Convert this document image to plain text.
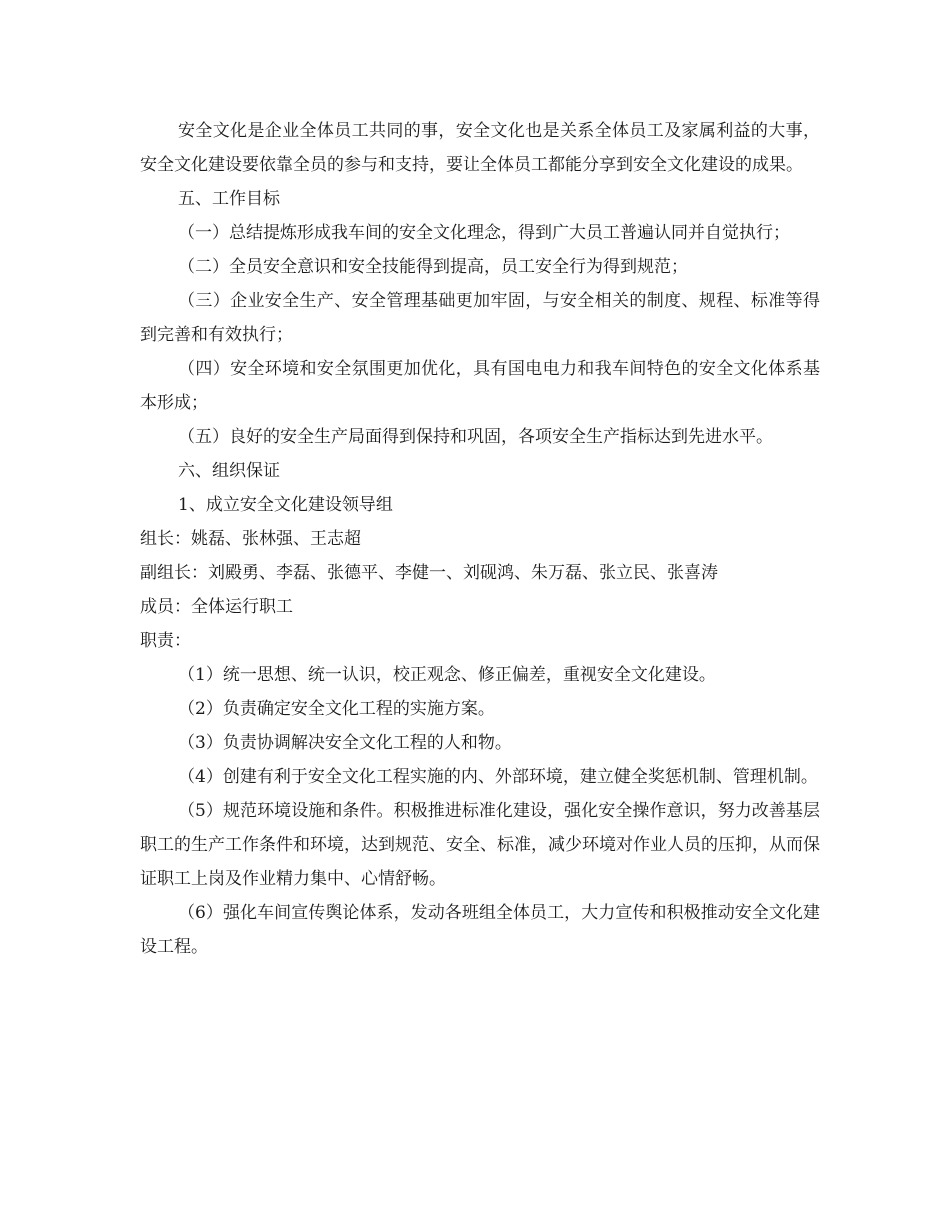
安全文化是企业全体员工共同的事，安全文化也是关系全体员工及家属利益的大事，安全文化建设要依靠全员的参与和支持，要让全体员工都能分享到安全文化建设的成果。

五、工作目标

（一）总结提炼形成我车间的安全文化理念，得到广大员工普遍认同并自觉执行；

（二）全员安全意识和安全技能得到提高，员工安全行为得到规范；

（三）企业安全生产、安全管理基础更加牢固，与安全相关的制度、规程、标准等得到完善和有效执行；

（四）安全环境和安全氛围更加优化，具有国电电力和我车间特色的安全文化体系基本形成；

（五）良好的安全生产局面得到保持和巩固，各项安全生产指标达到先进水平。

六、组织保证

1、成立安全文化建设领导组

组长：姚磊、张林强、王志超

副组长：刘殿勇、李磊、张德平、李健一、刘砚鸿、朱万磊、张立民、张喜涛

成员：全体运行职工

职责：

（1）统一思想、统一认识，校正观念、修正偏差，重视安全文化建设。

（2）负责确定安全文化工程的实施方案。

（3）负责协调解决安全文化工程的人和物。

（4）创建有利于安全文化工程实施的内、外部环境，建立健全奖惩机制、管理机制。

（5）规范环境设施和条件。积极推进标准化建设，强化安全操作意识，努力改善基层职工的生产工作条件和环境，达到规范、安全、标准，减少环境对作业人员的压抑，从而保证职工上岗及作业精力集中、心情舒畅。

（6）强化车间宣传舆论体系，发动各班组全体员工，大力宣传和积极推动安全文化建设工程。
